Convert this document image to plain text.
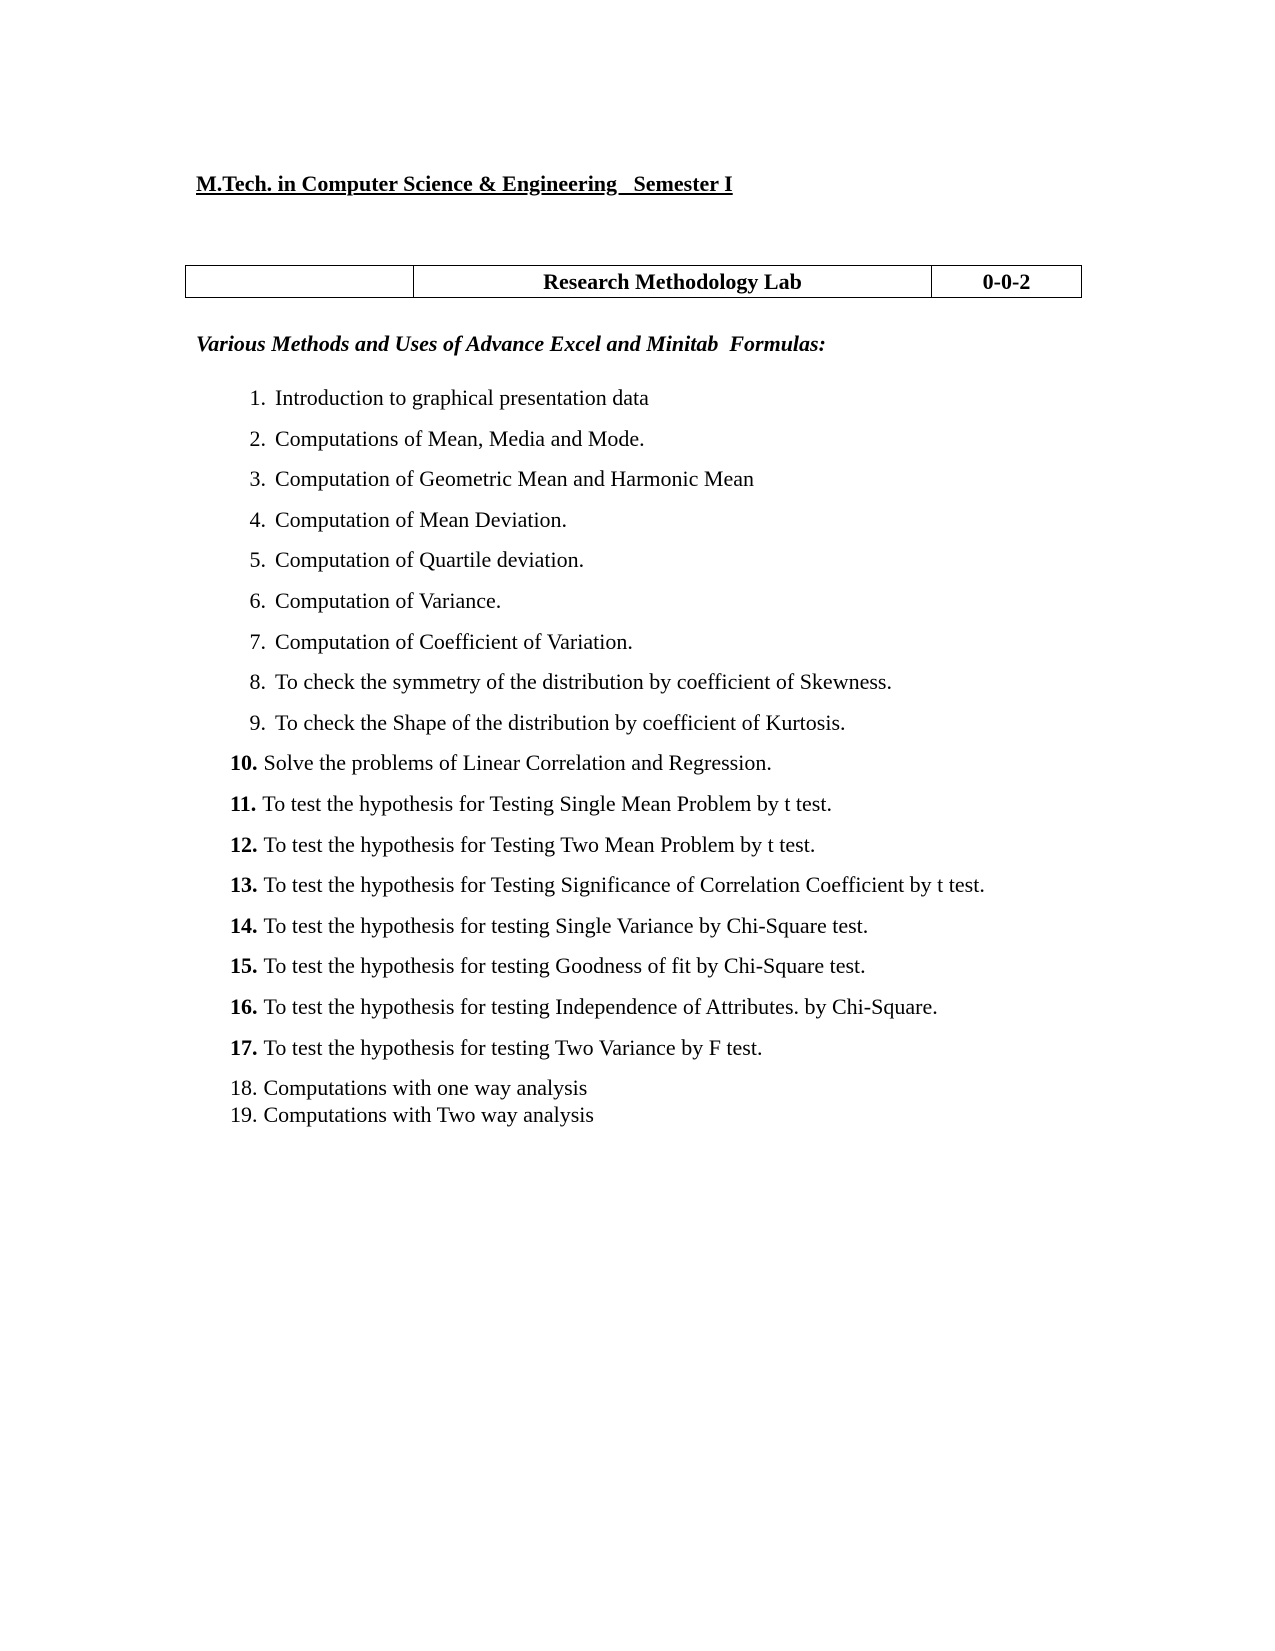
M.Tech. in Computer Science & Engineering   Semester I
	Research Methodology Lab	0-0-2
Various Methods and Uses of Advance Excel and Minitab  Formulas:
1. Introduction to graphical presentation data
2. Computations of Mean, Media and Mode.
3. Computation of Geometric Mean and Harmonic Mean
4. Computation of Mean Deviation.
5. Computation of Quartile deviation.
6. Computation of Variance.
7. Computation of Coefficient of Variation.
8. To check the symmetry of the distribution by coefficient of Skewness.
9. To check the Shape of the distribution by coefficient of Kurtosis.
10. Solve the problems of Linear Correlation and Regression.
11. To test the hypothesis for Testing Single Mean Problem by t test.
12. To test the hypothesis for Testing Two Mean Problem by t test.
13. To test the hypothesis for Testing Significance of Correlation Coefficient by t test.
14. To test the hypothesis for testing Single Variance by Chi-Square test.
15. To test the hypothesis for testing Goodness of fit by Chi-Square test.
16. To test the hypothesis for testing Independence of Attributes. by Chi-Square.
17. To test the hypothesis for testing Two Variance by F test.
18. Computations with one way analysis
19. Computations with Two way analysis
